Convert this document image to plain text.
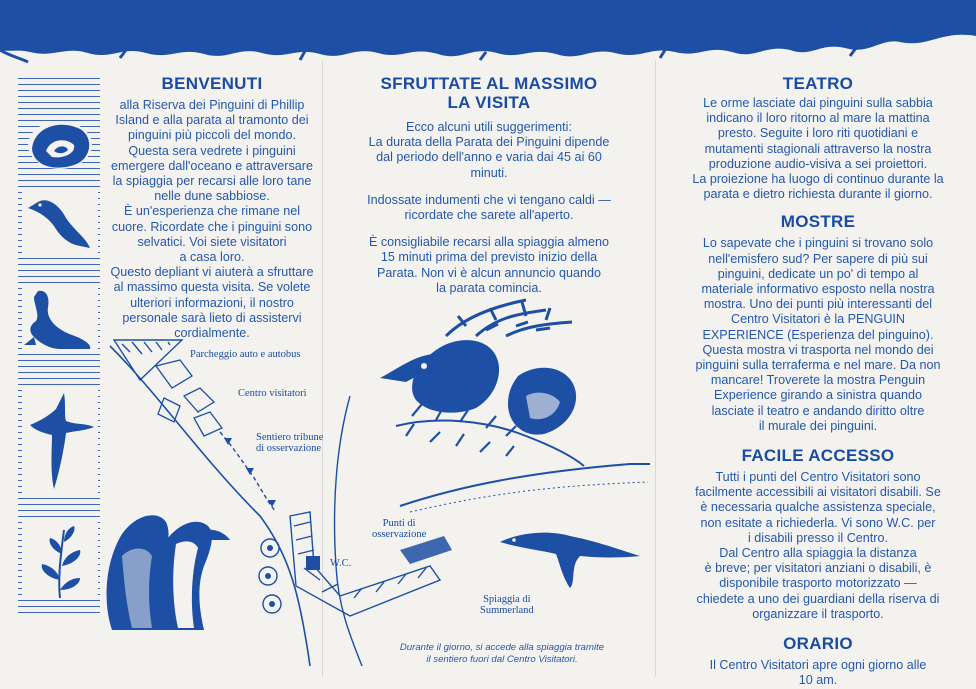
BENVENUTI
alla Riserva dei Pinguini di Phillip
Island e alla parata al tramonto dei
pinguini più piccoli del mondo.
Questa sera vedrete i pinguini
emergere dall'oceano e attraversare
la spiaggia per recarsi alle loro tane
nelle dune sabbiose.
È un'esperienza che rimane nel
cuore. Ricordate che i pinguini sono
selvatici. Voi siete visitatori
a casa loro.
Questo depliant vi aiuterà a sfruttare
al massimo questa visita. Se volete
ulteriori informazioni, il nostro
personale sarà lieto di assistervi
cordialmente.
Parcheggio auto e autobus
Centro visitatori
Sentiero tribune
di osservazione
Punti di
osservazione
W.C.
Spiaggia di
Summerland
Durante il giorno, si accede alla spiaggia tramite
il sentiero fuori dal Centro Visitatori.
SFRUTTATE AL MASSIMO
LA VISITA
Ecco alcuni utili suggerimenti:
La durata della Parata dei Pinguini dipende
dal periodo dell'anno e varia dai 45 ai 60
minuti.
Indossate indumenti che vi tengano caldi —
ricordate che sarete all'aperto.
È consigliabile recarsi alla spiaggia almeno
15 minuti prima del previsto inizio della
Parata. Non vi è alcun annuncio quando
la parata comincia.
TEATRO
Le orme lasciate dai pinguini sulla sabbia
indicano il loro ritorno al mare la mattina
presto. Seguite i loro riti quotidiani e
mutamenti stagionali attraverso la nostra
produzione audio-visiva a sei proiettori.
La proiezione ha luogo di continuo durante la
parata e dietro richiesta durante il giorno.
MOSTRE
Lo sapevate che i pinguini si trovano solo
nell'emisfero sud? Per sapere di più sui
pinguini, dedicate un po' di tempo al
materiale informativo esposto nella nostra
mostra. Uno dei punti più interessanti del
Centro Visitatori è la PENGUIN
EXPERIENCE (Esperienza del pinguino).
Questa mostra vi trasporta nel mondo dei
pinguini sulla terraferma e nel mare. Da non
mancare! Troverete la mostra Penguin
Experience girando a sinistra quando
lasciate il teatro e andando diritto oltre
il murale dei pinguini.
FACILE ACCESSO
Tutti i punti del Centro Visitatori sono
facilmente accessibili ai visitatori disabili. Se
è necessaria qualche assistenza speciale,
non esitate a richiederla. Vi sono W.C. per
i disabili presso il Centro.
Dal Centro alla spiaggia la distanza
è breve; per visitatori anziani o disabili, è
disponibile trasporto motorizzato —
chiedete a uno dei guardiani della riserva di
organizzare il trasporto.
ORARIO
Il Centro Visitatori apre ogni giorno alle
10 am.
